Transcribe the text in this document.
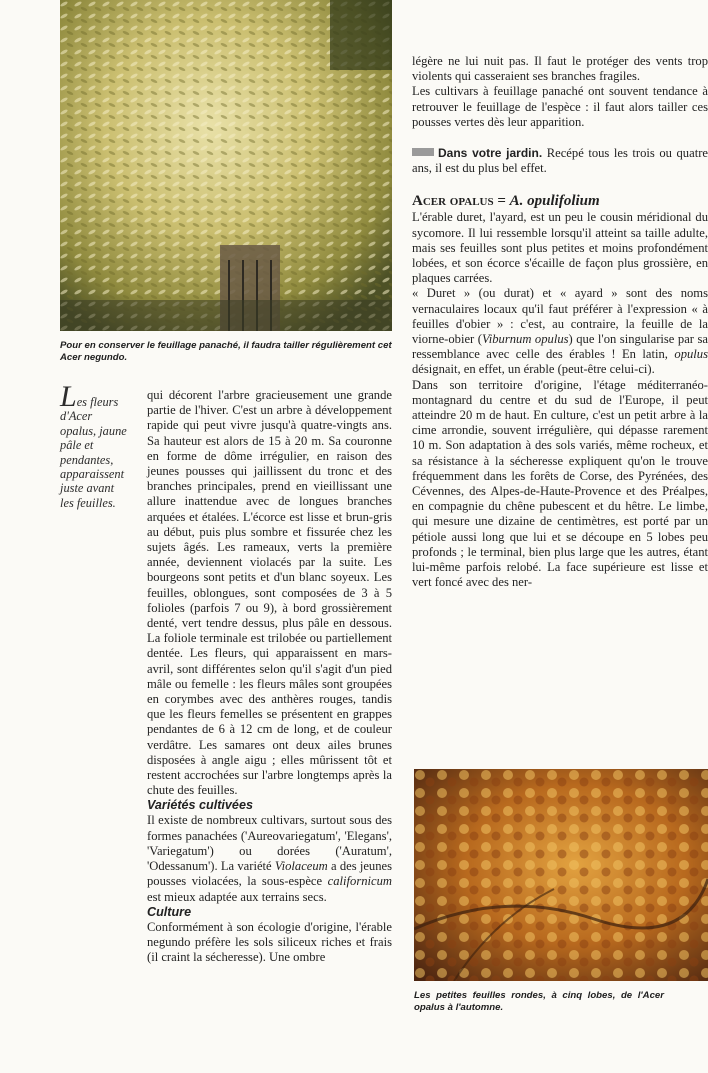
Pour en conserver le feuillage panaché, il faudra tailler régulièrement cet Acer negundo.
Les fleurs d'Acer opalus, jaune pâle et pendantes, apparaissent juste avant les feuilles.

qui décorent l'arbre gracieusement une grande partie de l'hiver. C'est un arbre à développement rapide qui peut vivre jusqu'à quatre-vingts ans. Sa hauteur est alors de 15 à 20 m. Sa couronne en forme de dôme irrégulier, en raison des jeunes pousses qui jaillissent du tronc et des branches principales, prend en vieillissant une allure inattendue avec de longues branches arquées et étalées. L'écorce est lisse et brun-gris au début, puis plus sombre et fissurée chez les sujets âgés. Les rameaux, verts la première année, deviennent violacés par la suite. Les bourgeons sont petits et d'un blanc soyeux. Les feuilles, oblongues, sont composées de 3 à 5 folioles (parfois 7 ou 9), à bord grossièrement denté, vert tendre dessus, plus pâle en dessous. La foliole terminale est trilobée ou partiellement dentée. Les fleurs, qui apparaissent en mars-avril, sont différentes selon qu'il s'agit d'un pied mâle ou femelle : les fleurs mâles sont groupées en corymbes avec des anthères rouges, tandis que les fleurs femelles se présentent en grappes pendantes de 6 à 12 cm de long, et de couleur verdâtre. Les samares ont deux ailes brunes disposées à angle aigu ; elles mûrissent tôt et restent accrochées sur l'arbre longtemps après la chute des feuilles.

Variétés cultivées

Il existe de nombreux cultivars, surtout sous des formes panachées ('Aureovariegatum', 'Elegans', 'Variegatum') ou dorées ('Auratum', 'Odessanum'). La variété Violaceum a des jeunes pousses violacées, la sous-espèce californicum est mieux adaptée aux terrains secs.

Culture

Conformément à son écologie d'origine, l'érable negundo préfère les sols siliceux riches et frais (il craint la sécheresse). Une ombre

légère ne lui nuit pas. Il faut le protéger des vents trop violents qui casseraient ses branches fragiles.

Les cultivars à feuillage panaché ont souvent tendance à retrouver le feuillage de l'espèce : il faut alors tailler ces pousses vertes dès leur apparition.

Dans votre jardin. Recépé tous les trois ou quatre ans, il est du plus bel effet.

Acer opalus = A. opulifolium

L'érable duret, l'ayard, est un peu le cousin méridional du sycomore. Il lui ressemble lorsqu'il atteint sa taille adulte, mais ses feuilles sont plus petites et moins profondément lobées, et son écorce s'écaille de façon plus grossière, en plaques carrées.

« Duret » (ou durat) et « ayard » sont des noms vernaculaires locaux qu'il faut préférer à l'expression « à feuilles d'obier » : c'est, au contraire, la feuille de la viorne-obier (Viburnum opulus) que l'on singularise par sa ressemblance avec celle des érables ! En latin, opulus désignait, en effet, un érable (peut-être celui-ci).

Dans son territoire d'origine, l'étage méditerranéo-montagnard du centre et du sud de l'Europe, il peut atteindre 20 m de haut. En culture, c'est un petit arbre à la cime arrondie, souvent irrégulière, qui dépasse rarement 10 m. Son adaptation à des sols variés, même rocheux, et sa résistance à la sécheresse expliquent qu'on le trouve fréquemment dans les forêts de Corse, des Pyrénées, des Cévennes, des Alpes-de-Haute-Provence et des Préalpes, en compagnie du chêne pubescent et du hêtre. Le limbe, qui mesure une dizaine de centimètres, est porté par un pétiole aussi long que lui et se découpe en 5 lobes peu profonds ; le terminal, bien plus large que les autres, étant lui-même parfois relobé. La face supérieure est lisse et vert foncé avec des ner-

Les petites feuilles rondes, à cinq lobes, de l'Acer opalus à l'automne.
